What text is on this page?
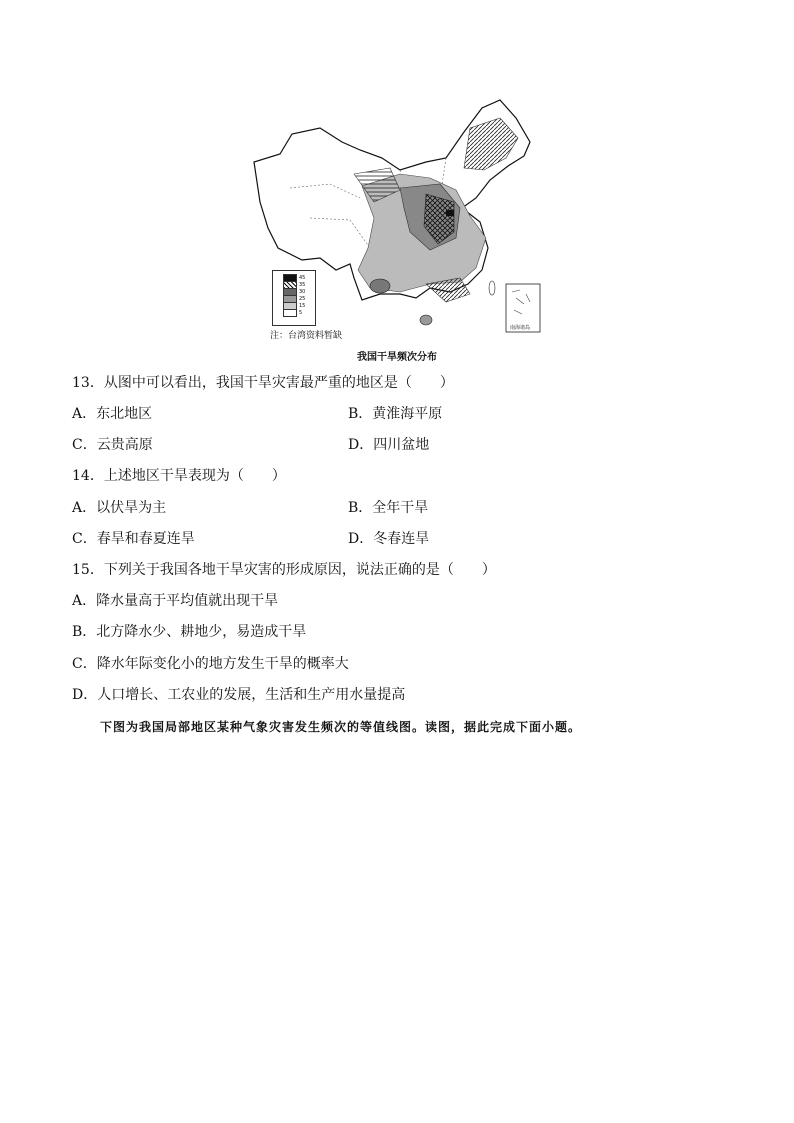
45
35
30
25
15
5
注：台湾资料暂缺
南海诸岛
我国干旱频次分布
13．从图中可以看出，我国干旱灾害最严重的地区是（　　）
A．东北地区	B．黄淮海平原
C．云贵高原	D．四川盆地
14．上述地区干旱表现为（　　）
A．以伏旱为主	B．全年干旱
C．春旱和春夏连旱	D．冬春连旱
15．下列关于我国各地干旱灾害的形成原因，说法正确的是（　　）
A．降水量高于平均值就出现干旱
B．北方降水少、耕地少，易造成干旱
C．降水年际变化小的地方发生干旱的概率大
D．人口增长、工农业的发展，生活和生产用水量提高
下图为我国局部地区某种气象灾害发生频次的等值线图。读图，据此完成下面小题。
